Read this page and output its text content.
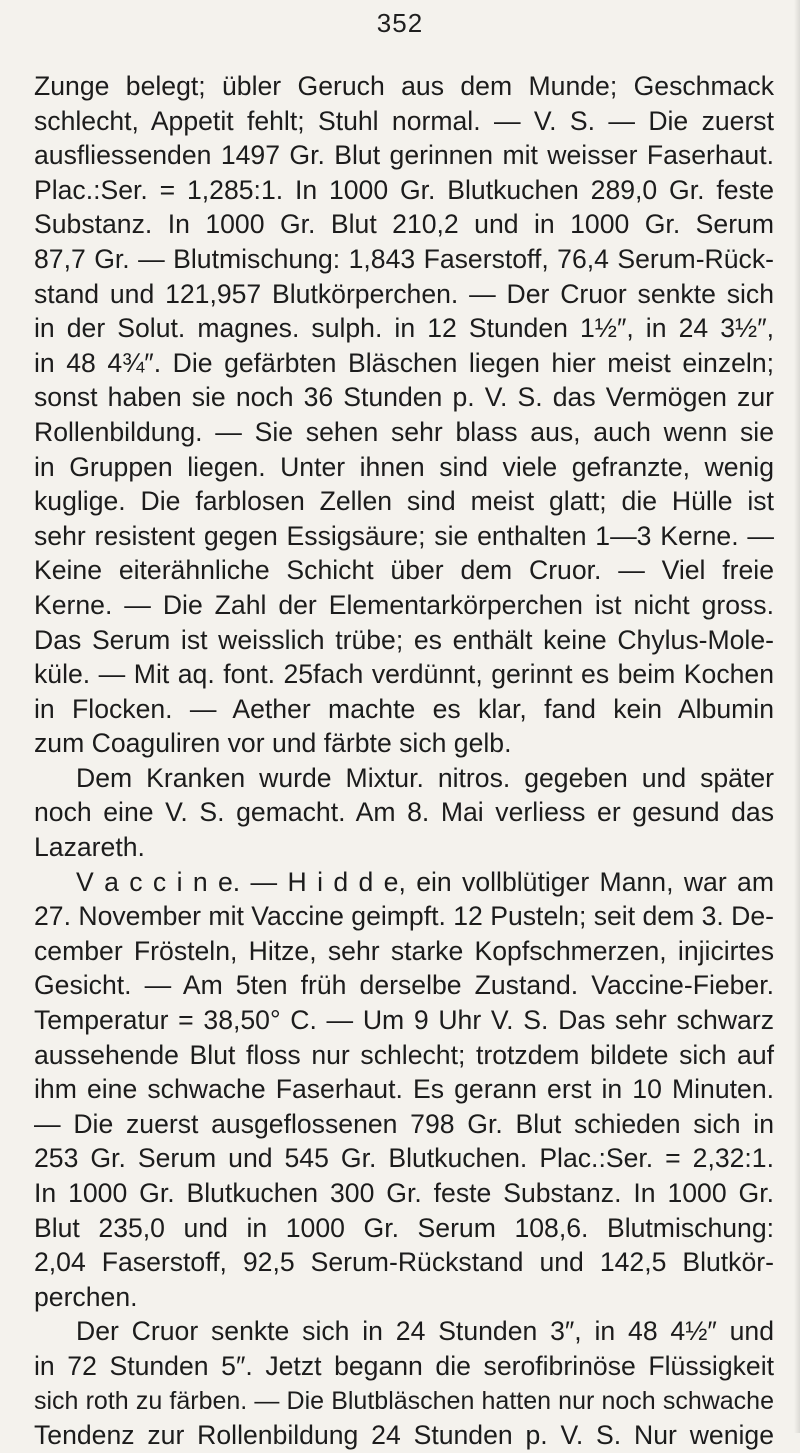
352
Zunge belegt; übler Geruch aus dem Munde; Geschmack
schlecht, Appetit fehlt; Stuhl normal. — V. S. — Die zuerst
ausfliessenden 1497 Gr. Blut gerinnen mit weisser Faserhaut.
Plac.:Ser. = 1,285:1. In 1000 Gr. Blutkuchen 289,0 Gr. feste
Substanz. In 1000 Gr. Blut 210,2 und in 1000 Gr. Serum
87,7 Gr. — Blutmischung: 1,843 Faserstoff, 76,4 Serum-Rück-
stand und 121,957 Blutkörperchen. — Der Cruor senkte sich
in der Solut. magnes. sulph. in 12 Stunden 1½″, in 24 3½″,
in 48 4¾″. Die gefärbten Bläschen liegen hier meist einzeln;
sonst haben sie noch 36 Stunden p. V. S. das Vermögen zur
Rollenbildung. — Sie sehen sehr blass aus, auch wenn sie
in Gruppen liegen. Unter ihnen sind viele gefranzte, wenig
kuglige. Die farblosen Zellen sind meist glatt; die Hülle ist
sehr resistent gegen Essigsäure; sie enthalten 1—3 Kerne. —
Keine eiterähnliche Schicht über dem Cruor. — Viel freie
Kerne. — Die Zahl der Elementarkörperchen ist nicht gross.
Das Serum ist weisslich trübe; es enthält keine Chylus-Mole-
küle. — Mit aq. font. 25fach verdünnt, gerinnt es beim Kochen
in Flocken. — Aether machte es klar, fand kein Albumin
zum Coaguliren vor und färbte sich gelb.
Dem Kranken wurde Mixtur. nitros. gegeben und später
noch eine V. S. gemacht. Am 8. Mai verliess er gesund das
Lazareth.
V a c c i n e. — H i d d e, ein vollblütiger Mann, war am
27. November mit Vaccine geimpft. 12 Pusteln; seit dem 3. De-
cember Frösteln, Hitze, sehr starke Kopfschmerzen, injicirtes
Gesicht. — Am 5ten früh derselbe Zustand. Vaccine-Fieber.
Temperatur = 38,50° C. — Um 9 Uhr V. S. Das sehr schwarz
aussehende Blut floss nur schlecht; trotzdem bildete sich auf
ihm eine schwache Faserhaut. Es gerann erst in 10 Minuten.
— Die zuerst ausgeflossenen 798 Gr. Blut schieden sich in
253 Gr. Serum und 545 Gr. Blutkuchen. Plac.:Ser. = 2,32:1.
In 1000 Gr. Blutkuchen 300 Gr. feste Substanz. In 1000 Gr.
Blut 235,0 und in 1000 Gr. Serum 108,6. Blutmischung:
2,04 Faserstoff, 92,5 Serum-Rückstand und 142,5 Blutkör-
perchen.
Der Cruor senkte sich in 24 Stunden 3″, in 48 4½″ und
in 72 Stunden 5″. Jetzt begann die serofibrinöse Flüssigkeit
sich roth zu färben. — Die Blutbläschen hatten nur noch schwache
Tendenz zur Rollenbildung 24 Stunden p. V. S. Nur wenige
